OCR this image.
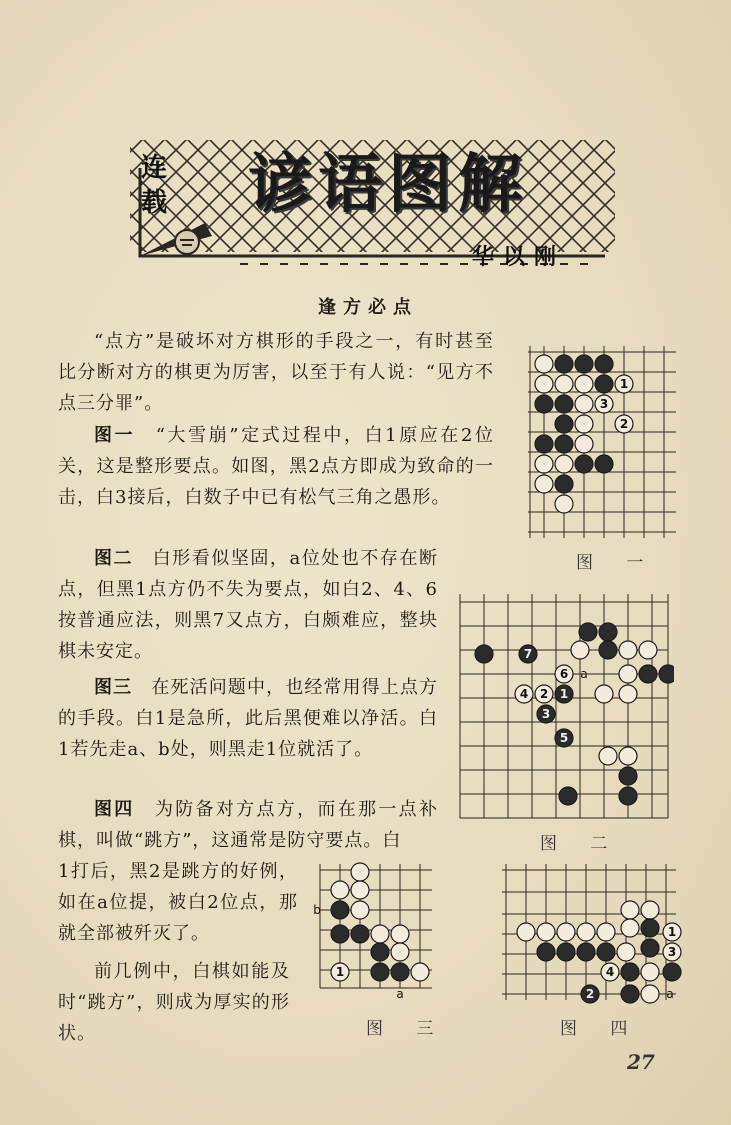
连
载 谚语图解
华以刚
逢方必点

“点方”是破坏对方棋形的手段之一，有时甚至比分断对方的棋更为厉害，以至于有人说：“见方不点三分罪”。

图一　 “大雪崩”定式过程中，白1原应在2位关，这是整形要点。如图，黑2点方即成为致命的一击，白3接后，白数子中已有松气三角之愚形。

图二　 白形看似坚固，a位处也不存在断点，但黑1点方仍不失为要点，如白2、4、6按普通应法，则黑7又点方，白颇难应，整块棋未安定。

图三　 在死活问题中，也经常用得上点方的手段。白1是急所，此后黑便难以净活。白1若先走a、b处，则黑走1位就活了。

图四　 为防备对方点方，而在那一点补棋，叫做“跳方”，这通常是防守要点。白

1打后，黑2是跳方的好例，如在a位提，被白2位点，那就全部被歼灭了。

前几例中，白棋如能及时“跳方”，则成为厚实的形状。

1
2
3
1
2
3
4
5
6
7
a
1
b
a
1
2
3
4
a
图 一
图 二
图 三	图 四
27
